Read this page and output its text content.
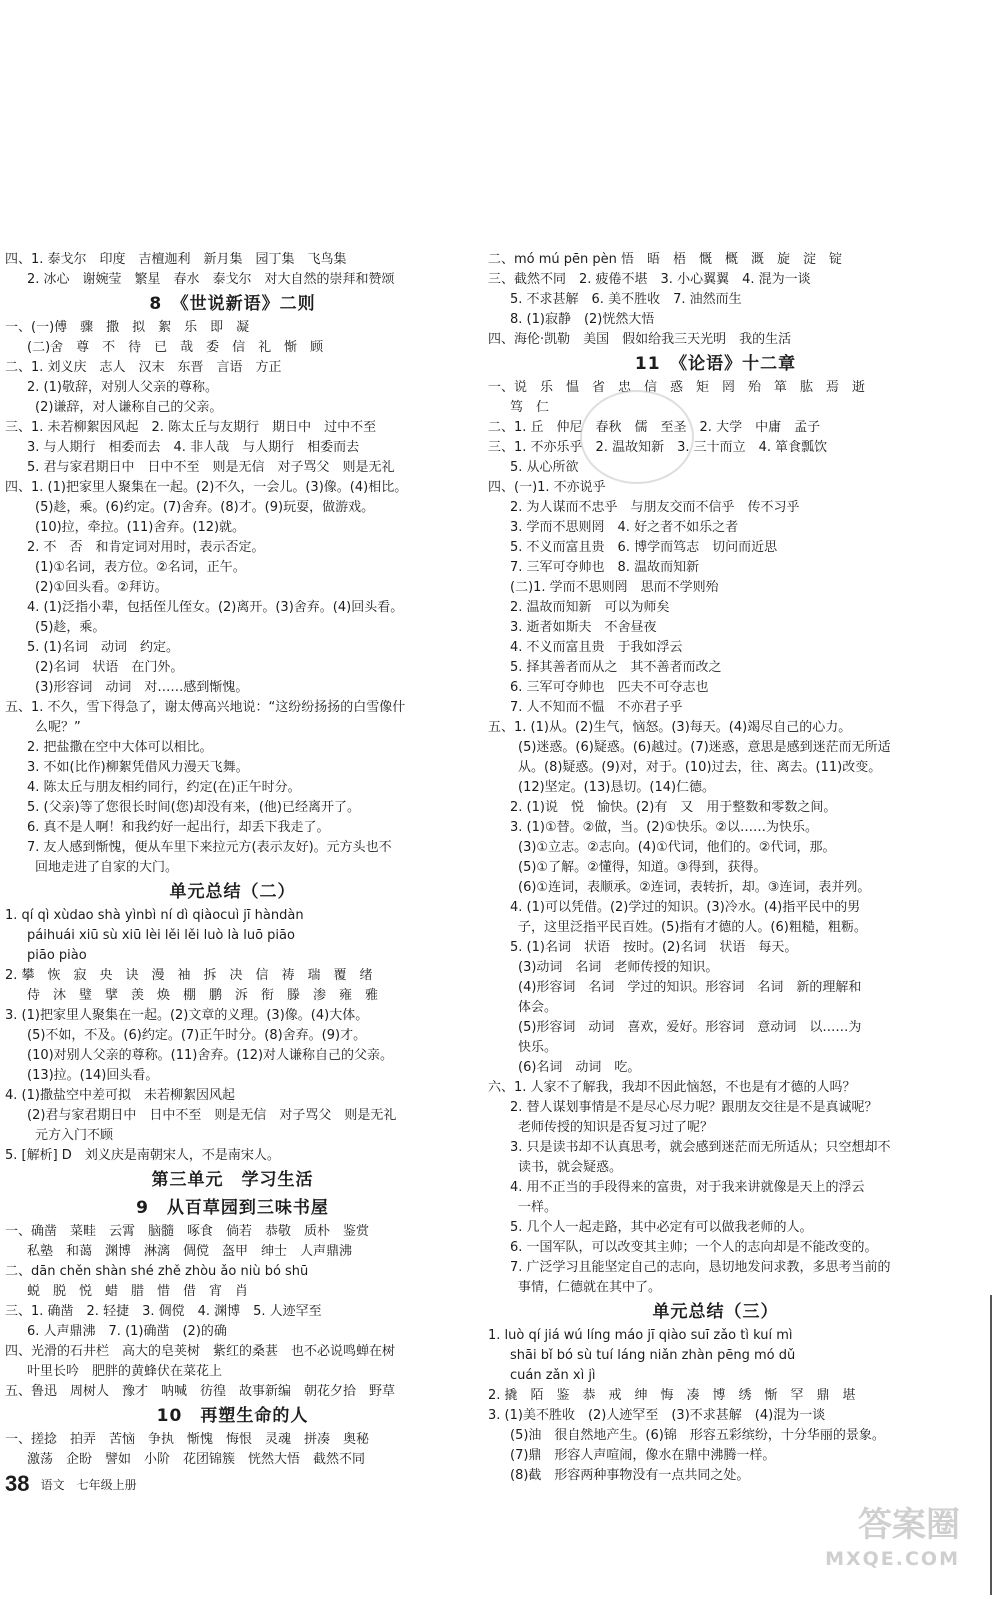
四、1. 泰戈尔　印度　吉檀迦利　新月集　园丁集　飞鸟集
2. 冰心　谢婉莹　繁星　春水　泰戈尔　对大自然的崇拜和赞颂
8　《世说新语》二则
一、(一)傅　骤　撒　拟　絮　乐　即　凝
(二)舍　尊　不　待　已　哉　委　信　礼　惭　顾
二、1. 刘义庆　志人　汉末　东晋　言语　方正
2. (1)敬辞，对别人父亲的尊称。
(2)谦辞，对人谦称自己的父亲。
三、1. 未若柳絮因风起　2. 陈太丘与友期行　期日中　过中不至
3. 与人期行　相委而去　4. 非人哉　与人期行　相委而去
5. 君与家君期日中　日中不至　则是无信　对子骂父　则是无礼
四、1. (1)把家里人聚集在一起。(2)不久，一会儿。(3)像。(4)相比。
(5)趁，乘。(6)约定。(7)舍弃。(8)才。(9)玩耍，做游戏。
(10)拉，牵拉。(11)舍弃。(12)就。
2. 不　否　和肯定词对用时，表示否定。
(1)①名词，表方位。②名词，正午。
(2)①回头看。②拜访。
4. (1)泛指小辈，包括侄儿侄女。(2)离开。(3)舍弃。(4)回头看。
(5)趁，乘。
5. (1)名词　动词　约定。
(2)名词　状语　在门外。
(3)形容词　动词　对……感到惭愧。
五、1. 不久，雪下得急了，谢太傅高兴地说：“这纷纷扬扬的白雪像什
么呢？”
2. 把盐撒在空中大体可以相比。
3. 不如(比作)柳絮凭借风力漫天飞舞。
4. 陈太丘与朋友相约同行，约定(在)正午时分。
5. (父亲)等了您很长时间(您)却没有来，(他)已经离开了。
6. 真不是人啊！和我约好一起出行，却丢下我走了。
7. 友人感到惭愧，便从车里下来拉元方(表示友好)。元方头也不
回地走进了自家的大门。
单元总结（二）
1. qí qì xùdao shà yìnbì ní dì qiàocuì jī hàndàn
páihuái xiū sù xiū lèi lěi lěi luò là luō piāo
piāo piào
2. 攀　恢　寂　央　诀　漫　袖　拆　决　信　祷　瑞　覆　绪
侍　沐　璧　擘　羡　焕　棚　鹏　泝　衔　滕　渗　雍　雅
3. (1)把家里人聚集在一起。(2)文章的义理。(3)像。(4)大体。
(5)不如，不及。(6)约定。(7)正午时分。(8)舍弃。(9)才。
(10)对别人父亲的尊称。(11)舍弃。(12)对人谦称自己的父亲。
(13)拉。(14)回头看。
4. (1)撒盐空中差可拟　未若柳絮因风起
(2)君与家君期日中　日中不至　则是无信　对子骂父　则是无礼
元方入门不顾
5. [解析] D　刘义庆是南朝宋人，不是南宋人。
第三单元　学习生活
9　从百草园到三味书屋
一、确凿　菜畦　云霄　脑髓　啄食　倘若　恭敬　质朴　鉴赏
私塾　和蔼　渊博　淋漓　倜傥　盔甲　绅士　人声鼎沸
二、dān chěn shàn shé zhě zhòu ǎo niù bó shū
蜕　脱　悦　蜡　腊　惜　借　宵　肖
三、1. 确凿　2. 轻捷　3. 倜傥　4. 渊博　5. 人迹罕至
6. 人声鼎沸　7. (1)确凿　(2)的确
四、光滑的石井栏　高大的皂荚树　紫红的桑葚　也不必说鸣蝉在树
叶里长吟　肥胖的黄蜂伏在菜花上
五、鲁迅　周树人　豫才　呐喊　彷徨　故事新编　朝花夕拾　野草
10　再塑生命的人
一、搓捻　拍弄　苦恼　争执　惭愧　悔恨　灵魂　拼凑　奥秘
激荡　企盼　譬如　小阶　花团锦簇　恍然大悟　截然不同
二、mó mú pēn pèn 悟　晤　梧　慨　概　溉　旋　淀　锭
三、截然不同　2. 疲倦不堪　3. 小心翼翼　4. 混为一谈
5. 不求甚解　6. 美不胜收　7. 油然而生
8. (1)寂静　(2)恍然大悟
四、海伦·凯勒　美国　假如给我三天光明　我的生活
11　《论语》十二章
一、说　乐　愠　省　忠　信　惑　矩　罔　殆　箪　肱　焉　逝
笃　仁
二、1. 丘　仲尼　春秋　儒　至圣　2. 大学　中庸　孟子
三、1. 不亦乐乎　2. 温故知新　3. 三十而立　4. 箪食瓢饮
5. 从心所欲
四、(一)1. 不亦说乎
2. 为人谋而不忠乎　与朋友交而不信乎　传不习乎
3. 学而不思则罔　4. 好之者不如乐之者
5. 不义而富且贵　6. 博学而笃志　切问而近思
7. 三军可夺帅也　8. 温故而知新
(二)1. 学而不思则罔　思而不学则殆
2. 温故而知新　可以为师矣
3. 逝者如斯夫　不舍昼夜
4. 不义而富且贵　于我如浮云
5. 择其善者而从之　其不善者而改之
6. 三军可夺帅也　匹夫不可夺志也
7. 人不知而不愠　不亦君子乎
五、1. (1)从。(2)生气，恼怒。(3)每天。(4)竭尽自己的心力。
(5)迷惑。(6)疑惑。(6)越过。(7)迷惑，意思是感到迷茫而无所适
从。(8)疑惑。(9)对，对于。(10)过去，往、离去。(11)改变。
(12)坚定。(13)恳切。(14)仁德。
2. (1)说　悦　愉快。(2)有　又　用于整数和零数之间。
3. (1)①替。②做，当。(2)①快乐。②以……为快乐。
(3)①立志。②志向。(4)①代词，他们的。②代词，那。
(5)①了解。②懂得，知道。③得到，获得。
(6)①连词，表顺承。②连词，表转折，却。③连词，表并列。
4. (1)可以凭借。(2)学过的知识。(3)冷水。(4)指平民中的男
子，这里泛指平民百姓。(5)指有才德的人。(6)粗糙，粗粝。
5. (1)名词　状语　按时。(2)名词　状语　每天。
(3)动词　名词　老师传授的知识。
(4)形容词　名词　学过的知识。形容词　名词　新的理解和
体会。
(5)形容词　动词　喜欢，爱好。形容词　意动词　以……为
快乐。
(6)名词　动词　吃。
六、1. 人家不了解我，我却不因此恼怒，不也是有才德的人吗？
2. 替人谋划事情是不是尽心尽力呢？跟朋友交往是不是真诚呢？
老师传授的知识是否复习过了呢？
3. 只是读书却不认真思考，就会感到迷茫而无所适从；只空想却不
读书，就会疑惑。
4. 用不正当的手段得来的富贵，对于我来讲就像是天上的浮云
一样。
5. 几个人一起走路，其中必定有可以做我老师的人。
6. 一国军队，可以改变其主帅；一个人的志向却是不能改变的。
7. 广泛学习且能坚定自己的志向，恳切地发问求教，多思考当前的
事情，仁德就在其中了。
单元总结（三）
1. luò qí jiá wú líng máo jī qiào suī zǎo tì kuí mì
shāi bǐ bó sù tuí láng niǎn zhàn pēng mó dǔ
cuán zǎn xì jì
2. 撬　陌　鉴　恭　戒　绅　悔　凑　博　绣　惭　罕　鼎　堪
3. (1)美不胜收　(2)人迹罕至　(3)不求甚解　(4)混为一谈
(5)油　很自然地产生。(6)锦　形容五彩缤纷，十分华丽的景象。
(7)鼎　形容人声喧闹，像水在鼎中沸腾一样。
(8)截　形容两种事物没有一点共同之处。
38 语文　七年级上册
答案圈
MXQE.COM
